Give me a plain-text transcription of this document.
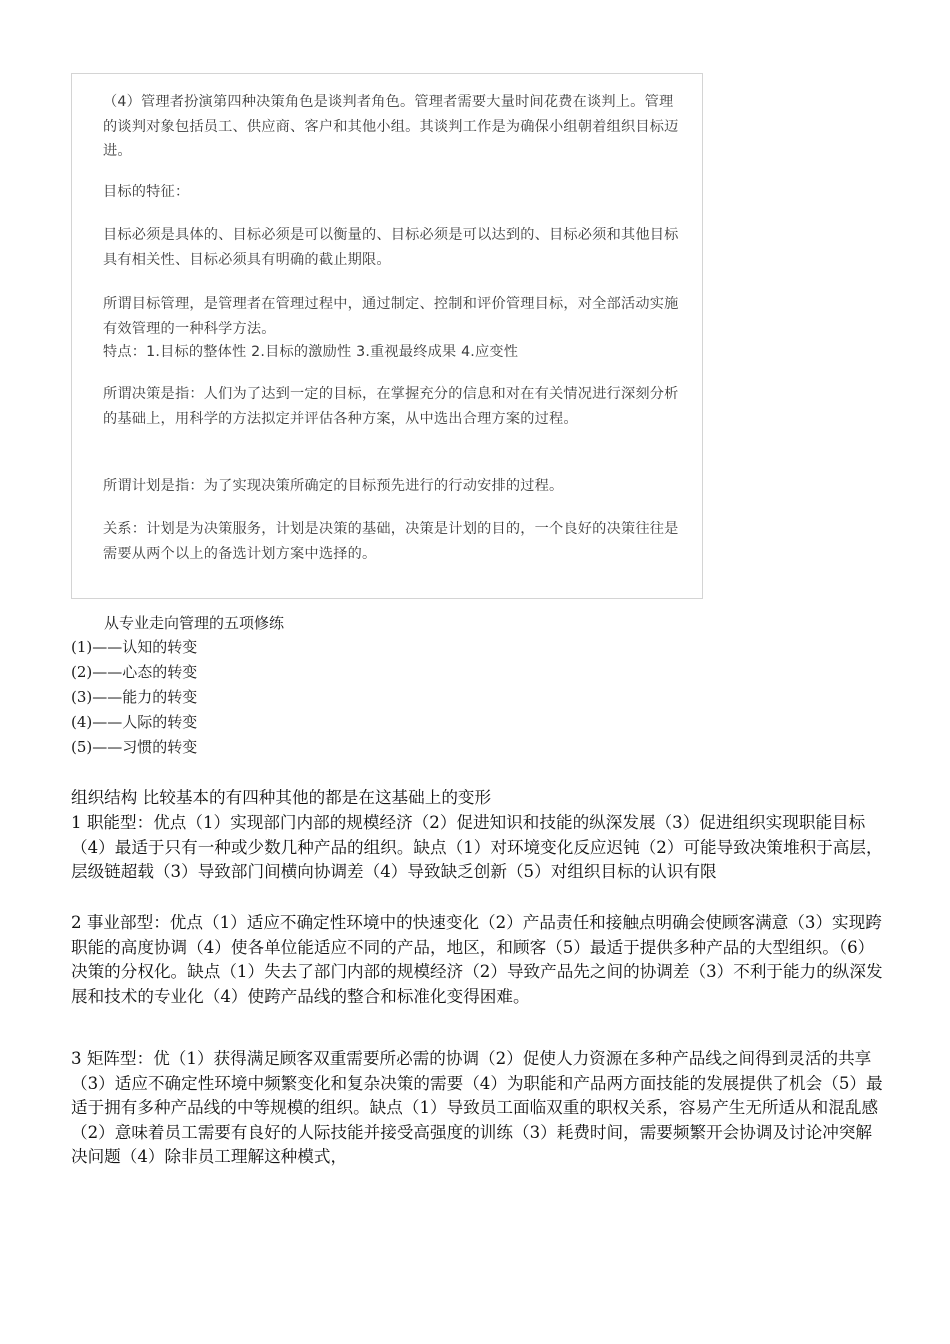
（4）管理者扮演第四种决策角色是谈判者角色。管理者需要大量时间花费在谈判上。管理的谈判对象包括员工、供应商、客户和其他小组。其谈判工作是为确保小组朝着组织目标迈进。

目标的特征：

目标必须是具体的、目标必须是可以衡量的、目标必须是可以达到的、目标必须和其他目标具有相关性、目标必须具有明确的截止期限。

所谓目标管理，是管理者在管理过程中，通过制定、控制和评价管理目标，对全部活动实施有效管理的一种科学方法。

特点：1.目标的整体性 2.目标的激励性 3.重视最终成果 4.应变性

所谓决策是指：人们为了达到一定的目标，在掌握充分的信息和对在有关情况进行深刻分析的基础上，用科学的方法拟定并评估各种方案，从中选出合理方案的过程。

所谓计划是指：为了实现决策所确定的目标预先进行的行动安排的过程。

关系：计划是为决策服务，计划是决策的基础，决策是计划的目的，一个良好的决策往往是需要从两个以上的备选计划方案中选择的。

从专业走向管理的五项修练
(1)——认知的转变
(2)——心态的转变
(3)——能力的转变
(4)——人际的转变
(5)——习惯的转变

组织结构 比较基本的有四种其他的都是在这基础上的变形

1 职能型：优点（1）实现部门内部的规模经济（2）促进知识和技能的纵深发展（3）促进组织实现职能目标（4）最适于只有一种或少数几种产品的组织。缺点（1）对环境变化反应迟钝（2）可能导致决策堆积于高层，层级链超载（3）导致部门间横向协调差（4）导致缺乏创新（5）对组织目标的认识有限

2 事业部型：优点（1）适应不确定性环境中的快速变化（2）产品责任和接触点明确会使顾客满意（3）实现跨职能的高度协调（4）使各单位能适应不同的产品，地区，和顾客（5）最适于提供多种产品的大型组织。（6）决策的分权化。缺点（1）失去了部门内部的规模经济（2）导致产品先之间的协调差（3）不利于能力的纵深发展和技术的专业化（4）使跨产品线的整合和标准化变得困难。

3 矩阵型：优（1）获得满足顾客双重需要所必需的协调（2）促使人力资源在多种产品线之间得到灵活的共享（3）适应不确定性环境中频繁变化和复杂决策的需要（4）为职能和产品两方面技能的发展提供了机会（5）最适于拥有多种产品线的中等规模的组织。缺点（1）导致员工面临双重的职权关系，容易产生无所适从和混乱感（2）意味着员工需要有良好的人际技能并接受高强度的训练（3）耗费时间，需要频繁开会协调及讨论冲突解决问题（4）除非员工理解这种模式，
